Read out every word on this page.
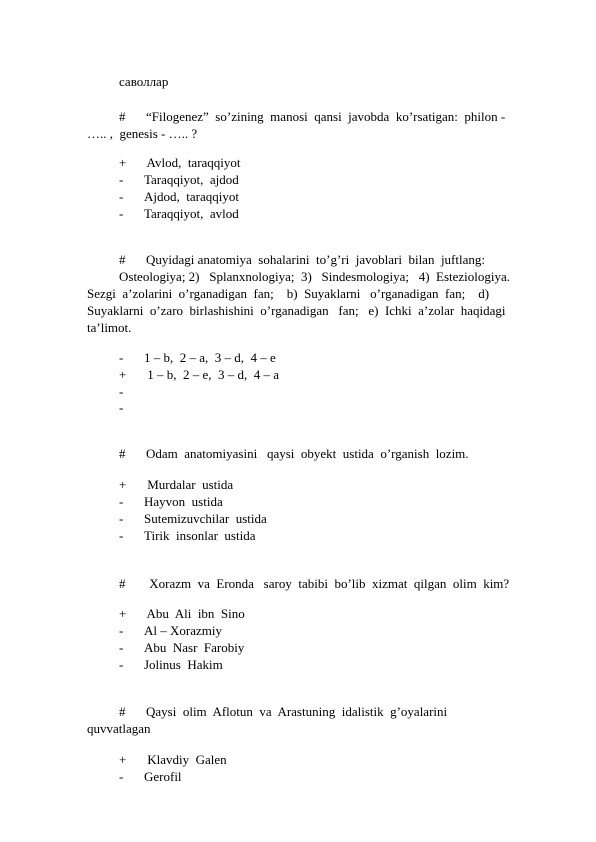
саволлар
# “Filogenez”  so’zining  manosi  qansi  javobda  ko’rsatigan:  philon -
….. ,  genesis - ….. ?
+	Avlod,  taraqqiyot
-	Taraqqiyot,  ajdod
-	Ajdod,  taraqqiyot
-	Taraqqiyot,  avlod
# Quyidagi anatomiya  sohalarini  to’g’ri  javoblari  bilan  juftlang:
Osteologiya; 2)   Splanxnologiya;  3)   Sindesmologiya;   4)  Esteziologiya.
Sezgi  a’zolarini  o’rganadigan  fan;    b)  Suyaklarni   o’rganadigan  fan;    d)
Suyaklarni  o’zaro  birlashishini  o’rganadigan   fan;   e)  Ichki  a’zolar  haqidagi
ta’limot.
-	1 – b,  2 – a,  3 – d,  4 – e
+	1 – b,  2 – e,  3 – d,  4 – a
-
-
# Odam  anatomiyasini   qaysi  obyekt  ustida  o’rganish  lozim.
+	Murdalar  ustida
-	Hayvon  ustida
-	Sutemizuvchilar  ustida
-	Tirik  insonlar  ustida
# Xorazm  va  Eronda   saroy  tabibi  bo’lib  xizmat  qilgan  olim  kim?
+	Abu  Ali  ibn  Sino
-	Al – Xorazmiy
-	Abu  Nasr  Farobiy
-	Jolinus  Hakim
# Qaysi  olim  Aflotun  va  Arastuning  idalistik  g’oyalarini
quvvatlagan
+	Klavdiy  Galen
-	Gerofil
